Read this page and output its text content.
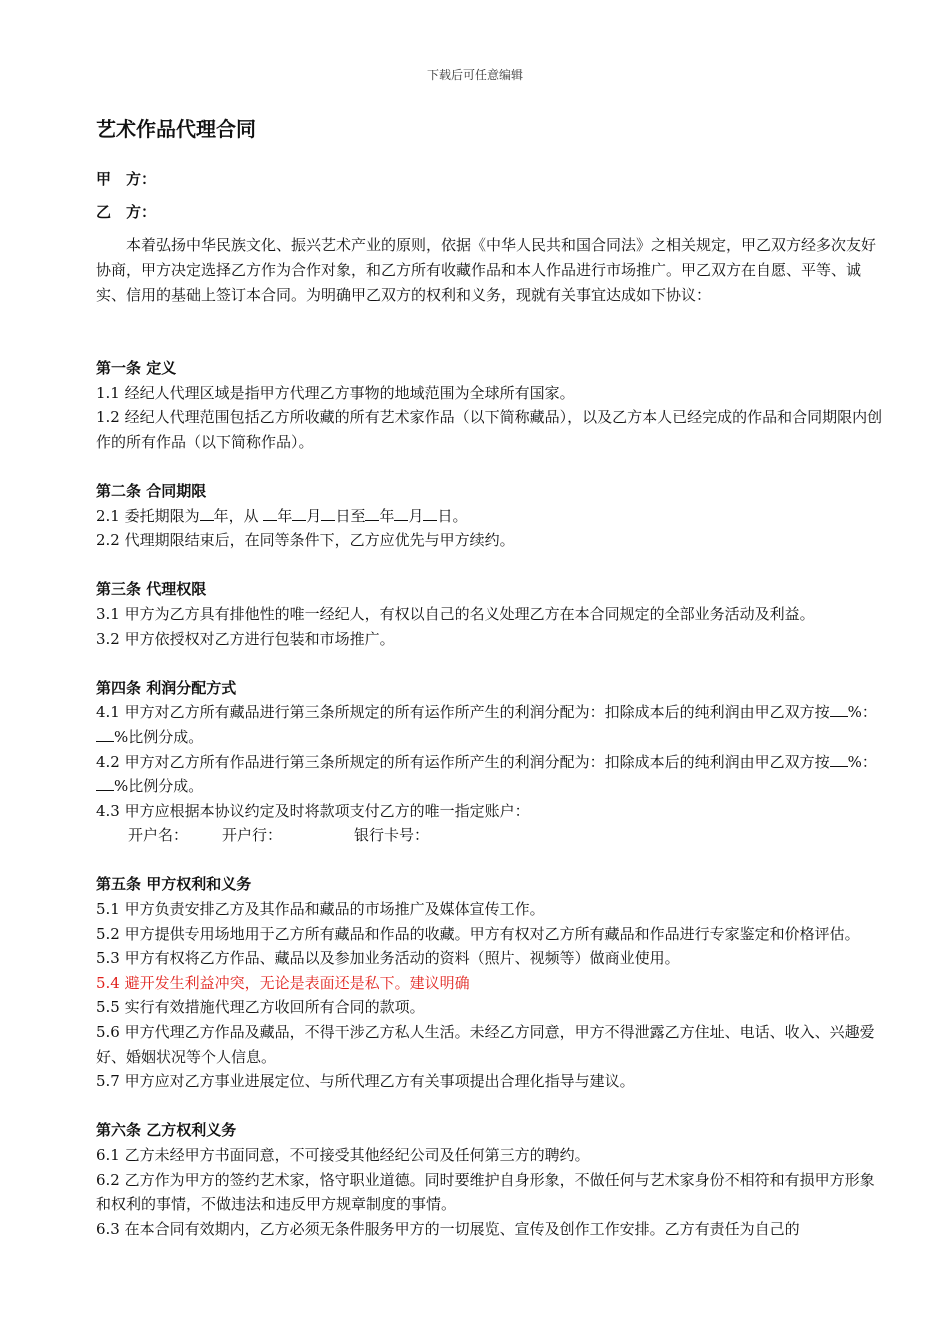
下载后可任意编辑
艺术作品代理合同
甲　方：
乙　方：
本着弘扬中华民族文化、振兴艺术产业的原则，依据《中华人民共和国合同法》之相关规定，甲乙双方经多次友好协商，甲方决定选择乙方作为合作对象，和乙方所有收藏作品和本人作品进行市场推广。甲乙双方在自愿、平等、诚实、信用的基础上签订本合同。为明确甲乙双方的权利和义务，现就有关事宜达成如下协议：

第一条 定义

1.1 经纪人代理区域是指甲方代理乙方事物的地域范围为全球所有国家。

1.2 经纪人代理范围包括乙方所收藏的所有艺术家作品（以下简称藏品），以及乙方本人已经完成的作品和合同期限内创作的所有作品（以下简称作品）。

第二条 合同期限

2.1 委托期限为 年，从 年 月 日至 年 月 日。

2.2 代理期限结束后，在同等条件下，乙方应优先与甲方续约。

第三条 代理权限

3.1 甲方为乙方具有排他性的唯一经纪人，有权以自己的名义处理乙方在本合同规定的全部业务活动及利益。

3.2 甲方依授权对乙方进行包装和市场推广。

第四条 利润分配方式

4.1 甲方对乙方所有藏品进行第三条所规定的所有运作所产生的利润分配为：扣除成本后的纯利润由甲乙双方按 %：%比例分成。

4.2 甲方对乙方所有作品进行第三条所规定的所有运作所产生的利润分配为：扣除成本后的纯利润由甲乙双方按 %：%比例分成。

4.3 甲方应根据本协议约定及时将款项支付乙方的唯一指定账户：

开户名： 开户行：	银行卡号：

第五条 甲方权利和义务

5.1 甲方负责安排乙方及其作品和藏品的市场推广及媒体宣传工作。

5.2 甲方提供专用场地用于乙方所有藏品和作品的收藏。甲方有权对乙方所有藏品和作品进行专家鉴定和价格评估。

5.3 甲方有权将乙方作品、藏品以及参加业务活动的资料（照片、视频等）做商业使用。

5.4 避开发生利益冲突，无论是表面还是私下。建议明确

5.5 实行有效措施代理乙方收回所有合同的款项。

5.6 甲方代理乙方作品及藏品，不得干涉乙方私人生活。未经乙方同意，甲方不得泄露乙方住址、电话、收入、兴趣爱好、婚姻状况等个人信息。

5.7 甲方应对乙方事业进展定位、与所代理乙方有关事项提出合理化指导与建议。

第六条 乙方权利义务

6.1 乙方未经甲方书面同意，不可接受其他经纪公司及任何第三方的聘约。

6.2 乙方作为甲方的签约艺术家，恪守职业道德。同时要维护自身形象，不做任何与艺术家身份不相符和有损甲方形象和权利的事情，不做违法和违反甲方规章制度的事情。

6.3 在本合同有效期内，乙方必须无条件服务甲方的一切展览、宣传及创作工作安排。乙方有责任为自己的
